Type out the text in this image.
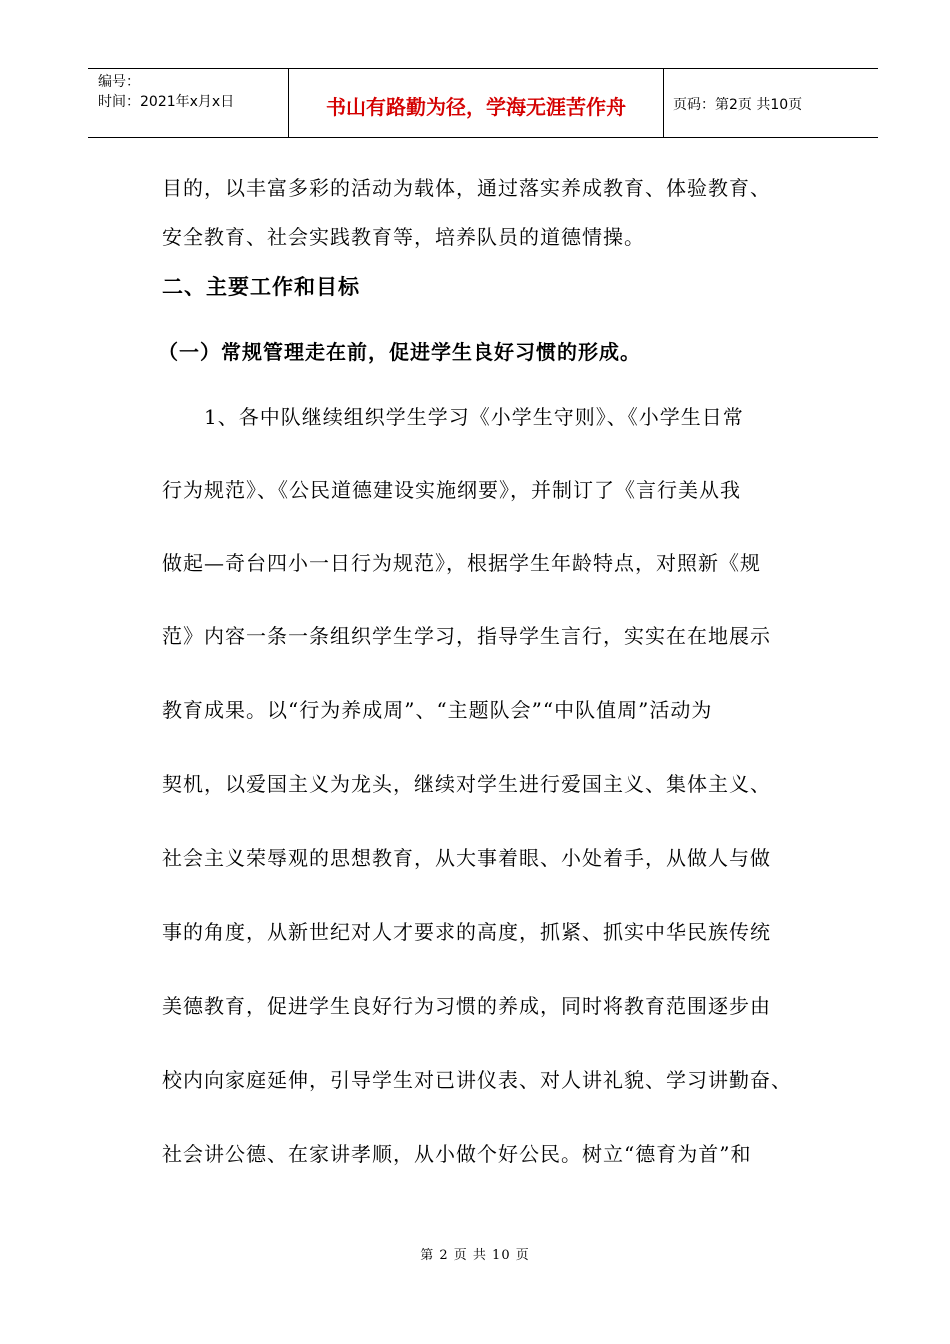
编号：
时间：2021年x月x日	书山有路勤为径，学海无涯苦作舟	页码：第2页 共10页
目的，以丰富多彩的活动为载体，通过落实养成教育、体验教育、
安全教育、社会实践教育等，培养队员的道德情操。
二、主要工作和目标
（一）常规管理走在前，促进学生良好习惯的形成。
1、各中队继续组织学生学习《小学生守则》、《小学生日常
行为规范》、《公民道德建设实施纲要》，并制订了《言行美从我
做起—奇台四小一日行为规范》，根据学生年龄特点，对照新《规
范》内容一条一条组织学生学习，指导学生言行，实实在在地展示
教育成果。以“行为养成周”、“主题队会”“中队值周”活动为
契机，以爱国主义为龙头，继续对学生进行爱国主义、集体主义、
社会主义荣辱观的思想教育，从大事着眼、小处着手，从做人与做
事的角度，从新世纪对人才要求的高度，抓紧、抓实中华民族传统
美德教育，促进学生良好行为习惯的养成，同时将教育范围逐步由
校内向家庭延伸，引导学生对已讲仪表、对人讲礼貌、学习讲勤奋、
社会讲公德、在家讲孝顺，从小做个好公民。树立“德育为首”和
第 2 页 共 10 页
